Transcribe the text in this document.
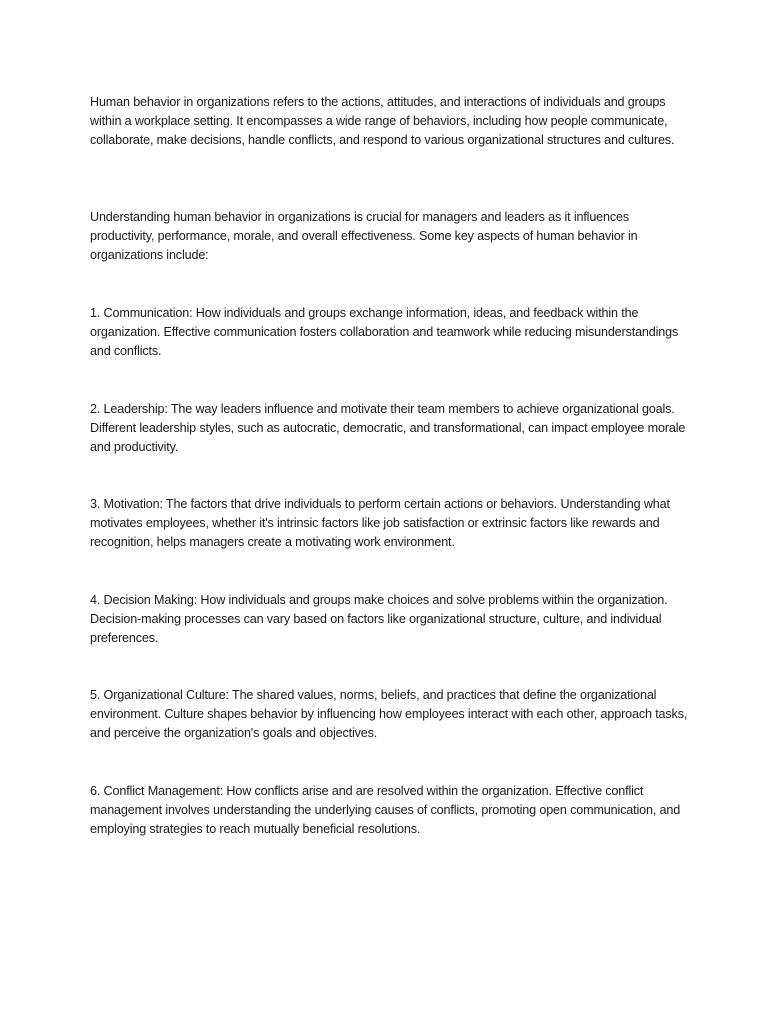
Human behavior in organizations refers to the actions, attitudes, and interactions of individuals and groups within a workplace setting. It encompasses a wide range of behaviors, including how people communicate, collaborate, make decisions, handle conflicts, and respond to various organizational structures and cultures.

Understanding human behavior in organizations is crucial for managers and leaders as it influences productivity, performance, morale, and overall effectiveness. Some key aspects of human behavior in organizations include:

1. Communication: How individuals and groups exchange information, ideas, and feedback within the organization. Effective communication fosters collaboration and teamwork while reducing misunderstandings and conflicts.

2. Leadership: The way leaders influence and motivate their team members to achieve organizational goals. Different leadership styles, such as autocratic, democratic, and transformational, can impact employee morale and productivity.

3. Motivation: The factors that drive individuals to perform certain actions or behaviors. Understanding what motivates employees, whether it's intrinsic factors like job satisfaction or extrinsic factors like rewards and recognition, helps managers create a motivating work environment.

4. Decision Making: How individuals and groups make choices and solve problems within the organization. Decision-making processes can vary based on factors like organizational structure, culture, and individual preferences.

5. Organizational Culture: The shared values, norms, beliefs, and practices that define the organizational environment. Culture shapes behavior by influencing how employees interact with each other, approach tasks, and perceive the organization's goals and objectives.

6. Conflict Management: How conflicts arise and are resolved within the organization. Effective conflict management involves understanding the underlying causes of conflicts, promoting open communication, and employing strategies to reach mutually beneficial resolutions.
